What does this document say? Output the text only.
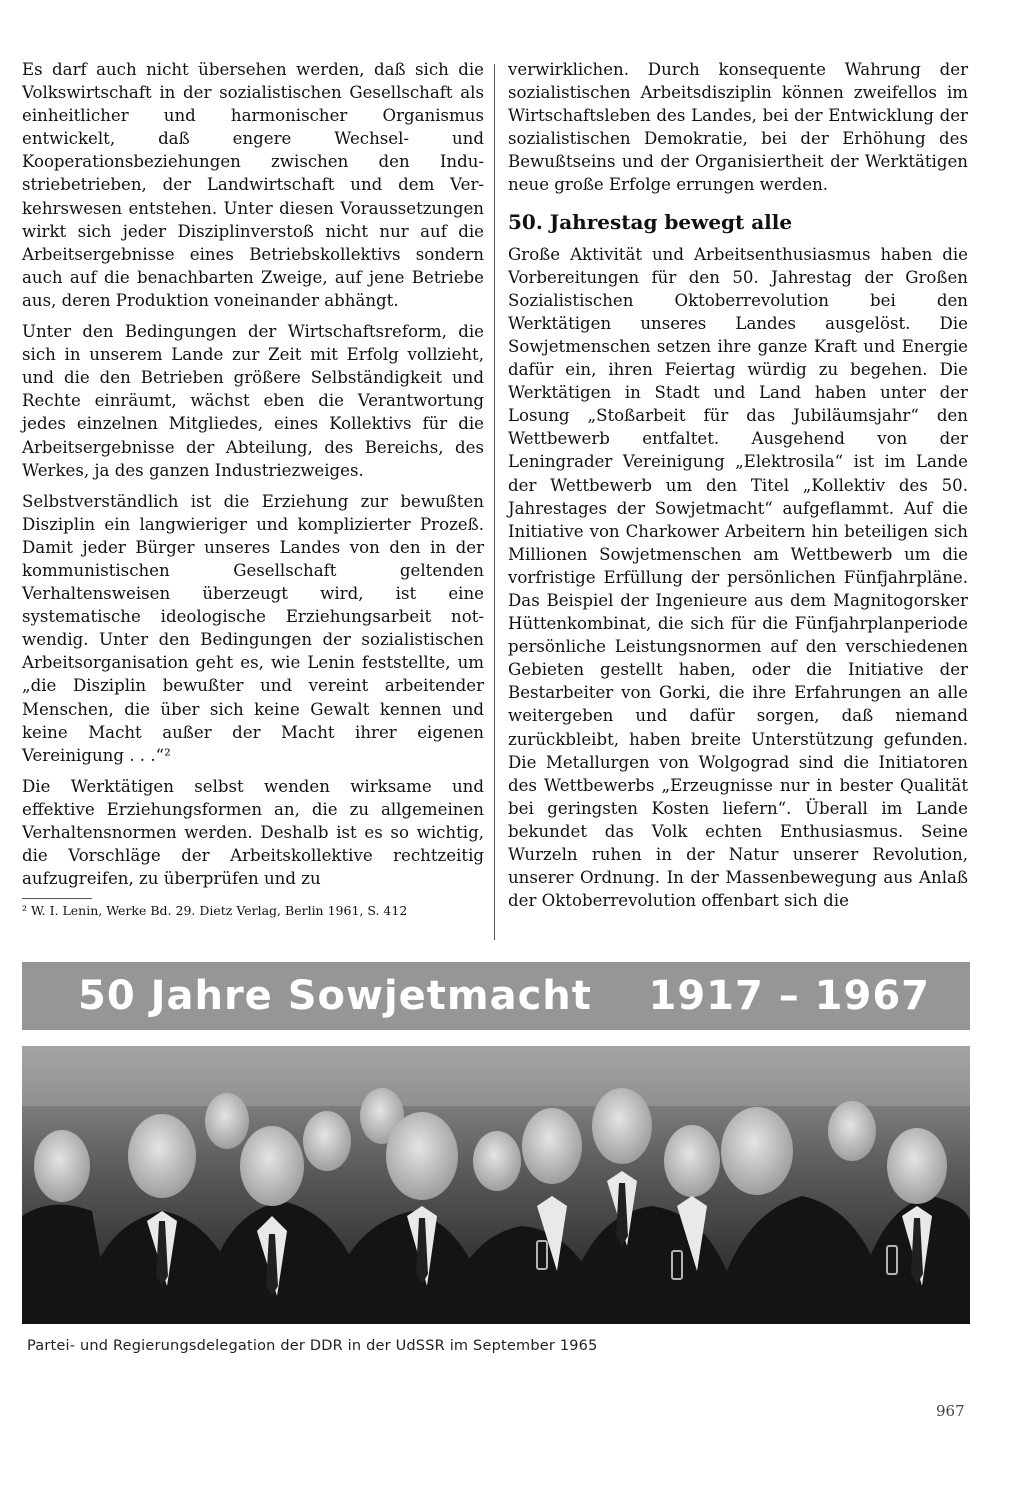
Es darf auch nicht übersehen werden, daß sich die Volkswirtschaft in der sozialistischen Gesellschaft als einheitlicher und harmonischer Organismus entwickelt, daß engere Wechsel- und Kooperationsbeziehungen zwischen den Industriebetrieben, der Landwirtschaft und dem Verkehrswesen entstehen. Unter diesen Voraussetzungen wirkt sich jeder Disziplinverstoß nicht nur auf die Arbeitsergebnisse eines Betriebskollektivs sondern auch auf die benachbarten Zweige, auf jene Betriebe aus, deren Produktion voneinander abhängt.

Unter den Bedingungen der Wirtschaftsreform, die sich in unserem Lande zur Zeit mit Erfolg vollzieht, und die den Betrieben größere Selbständigkeit und Rechte einräumt, wächst eben die Verantwortung jedes einzelnen Mitgliedes, eines Kollektivs für die Arbeitsergebnisse der Abteilung, des Bereichs, des Werkes, ja des ganzen Industriezweiges.

Selbstverständlich ist die Erziehung zur bewußten Disziplin ein langwieriger und komplizierter Prozeß. Damit jeder Bürger unseres Landes von den in der kommunistischen Gesellschaft geltenden Verhaltensweisen überzeugt wird, ist eine systematische ideologische Erziehungsarbeit notwendig. Unter den Bedingungen der sozialistischen Arbeitsorganisation geht es, wie Lenin feststellte, um „die Disziplin bewußter und vereint arbeitender Menschen, die über sich keine Gewalt kennen und keine Macht außer der Macht ihrer eigenen Vereinigung . . .“²

Die Werktätigen selbst wenden wirksame und effektive Erziehungsformen an, die zu allgemeinen Verhaltensnormen werden. Deshalb ist es so wichtig, die Vorschläge der Arbeitskollektive rechtzeitig aufzugreifen, zu überprüfen und zu

² W. I. Lenin, Werke Bd. 29. Dietz Verlag, Berlin 1961, S. 412

verwirklichen. Durch konsequente Wahrung der sozialistischen Arbeitsdisziplin können zweifellos im Wirtschaftsleben des Landes, bei der Entwicklung der sozialistischen Demokratie, bei der Erhöhung des Bewußtseins und der Organisiertheit der Werktätigen neue große Erfolge errungen werden.

50. Jahrestag bewegt alle

Große Aktivität und Arbeitsenthusiasmus haben die Vorbereitungen für den 50. Jahrestag der Großen Sozialistischen Oktoberrevolution bei den Werktätigen unseres Landes ausgelöst. Die Sowjetmenschen setzen ihre ganze Kraft und Energie dafür ein, ihren Feiertag würdig zu begehen. Die Werktätigen in Stadt und Land haben unter der Losung „Stoßarbeit für das Jubiläumsjahr“ den Wettbewerb entfaltet. Ausgehend von der Leningrader Vereinigung „Elektrosila“ ist im Lande der Wettbewerb um den Titel „Kollektiv des 50. Jahrestages der Sowjetmacht“ aufgeflammt. Auf die Initiative von Charkower Arbeitern hin beteiligen sich Millionen Sowjetmenschen am Wettbewerb um die vorfristige Erfüllung der persönlichen Fünfjahrpläne. Das Beispiel der Ingenieure aus dem Magnitogorsker Hüttenkombinat, die sich für die Fünfjahrplanperiode persönliche Leistungsnormen auf den verschiedenen Gebieten gestellt haben, oder die Initiative der Bestarbeiter von Gorki, die ihre Erfahrungen an alle weitergeben und dafür sorgen, daß niemand zurückbleibt, haben breite Unterstützung gefunden. Die Metallurgen von Wolgograd sind die Initiatoren des Wettbewerbs „Erzeugnisse nur in bester Qualität bei geringsten Kosten liefern“. Überall im Lande bekundet das Volk echten Enthusiasmus. Seine Wurzeln ruhen in der Natur unserer Revolution, unserer Ordnung. In der Massenbewegung aus Anlaß der Oktoberrevolution offenbart sich die

50 Jahre Sowjetmacht 1917 – 1967
Partei- und Regierungsdelegation der DDR in der UdSSR im September 1965
967
